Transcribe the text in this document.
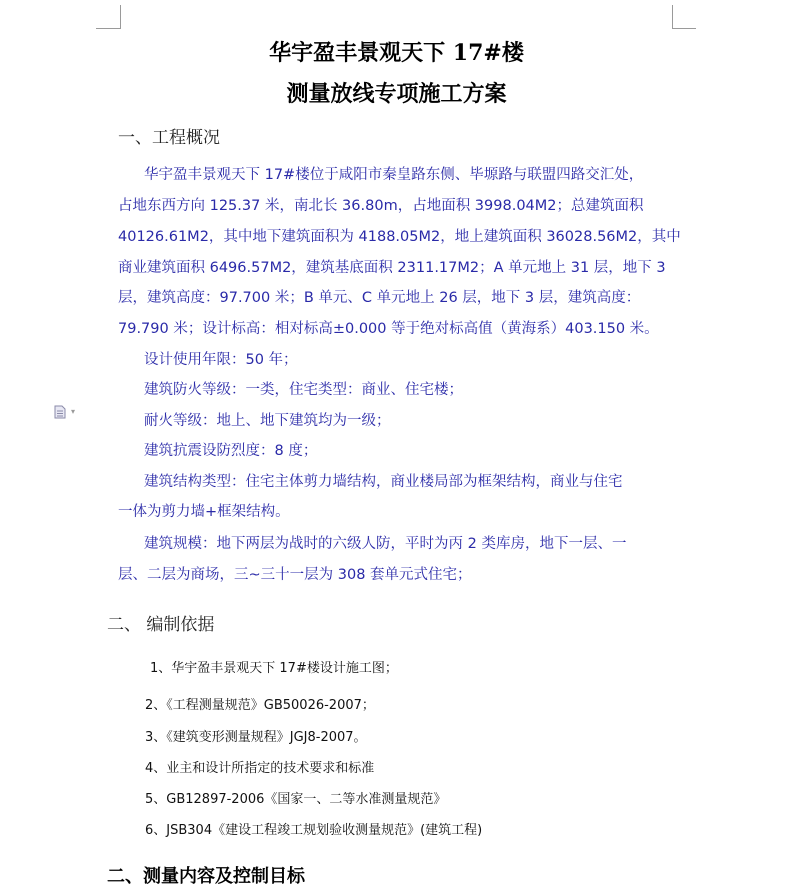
华宇盈丰景观天下 17#楼
测量放线专项施工方案
一、工程概况
华宇盈丰景观天下 17#楼位于咸阳市秦皇路东侧、毕塬路与联盟四路交汇处，
占地东西方向 125.37 米，南北长 36.80m，占地面积 3998.04M2；总建筑面积
40126.61M2，其中地下建筑面积为 4188.05M2，地上建筑面积 36028.56M2，其中
商业建筑面积 6496.57M2，建筑基底面积 2311.17M2；A 单元地上 31 层，地下 3
层，建筑高度：97.700 米；B 单元、C 单元地上 26 层，地下 3 层，建筑高度：
79.790 米；设计标高：相对标高±0.000 等于绝对标高值（黄海系）403.150 米。
设计使用年限：50 年；
建筑防火等级：一类，住宅类型：商业、住宅楼；
耐火等级：地上、地下建筑均为一级；
建筑抗震设防烈度：8 度；
建筑结构类型：住宅主体剪力墙结构，商业楼局部为框架结构，商业与住宅
一体为剪力墙+框架结构。
建筑规模：地下两层为战时的六级人防，平时为丙 2 类库房，地下一层、一
层、二层为商场，三~三十一层为 308 套单元式住宅；
▾
二、 编制依据
1、华宇盈丰景观天下 17#楼设计施工图；
2、《工程测量规范》GB50026-2007；
3、《建筑变形测量规程》JGJ8-2007。
4、业主和设计所指定的技术要求和标准
5、GB12897-2006《国家一、二等水准测量规范》
6、JSB304《建设工程竣工规划验收测量规范》(建筑工程)
二、测量内容及控制目标
